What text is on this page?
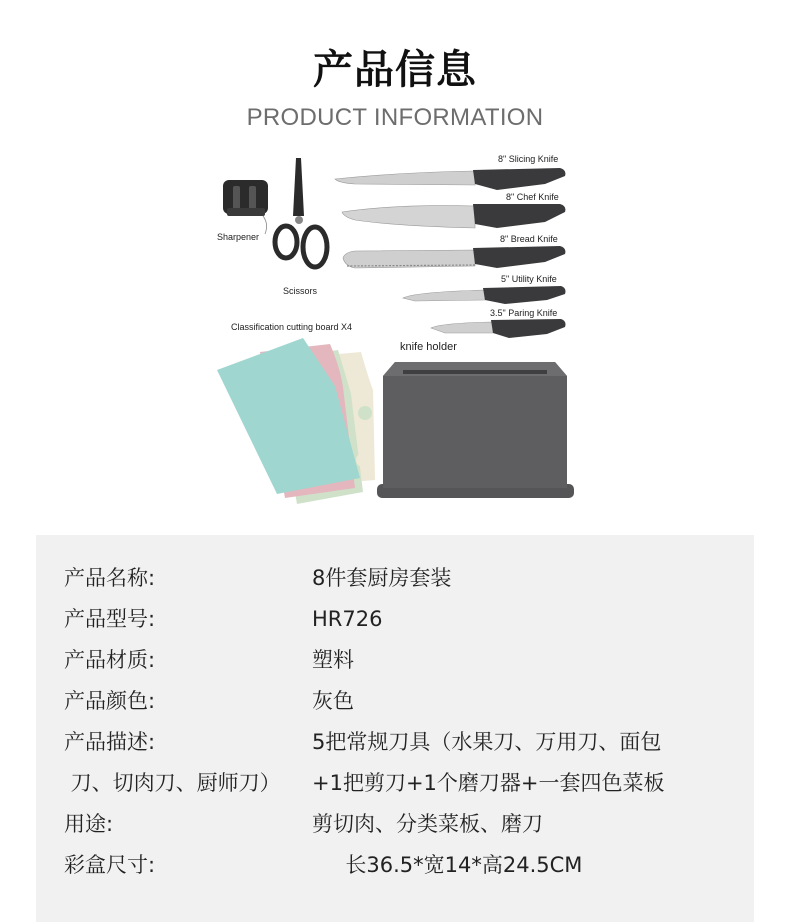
产品信息
PRODUCT INFORMATION
8" Slicing Knife
8" Chef Knife
8" Bread Knife
5" Utility Knife
3.5" Paring Knife
Sharpener
Scissors
Classification cutting board X4
knife holder
产品名称:	8件套厨房套装
产品型号:	HR726
产品材质:	塑料
产品颜色:	灰色
产品描述:	5把常规刀具（水果刀、万用刀、面包
刀、切肉刀、厨师刀） +1把剪刀+1个磨刀器+一套四色菜板
用途:	剪切肉、分类菜板、磨刀
彩盒尺寸:	长36.5*宽14*高24.5CM
